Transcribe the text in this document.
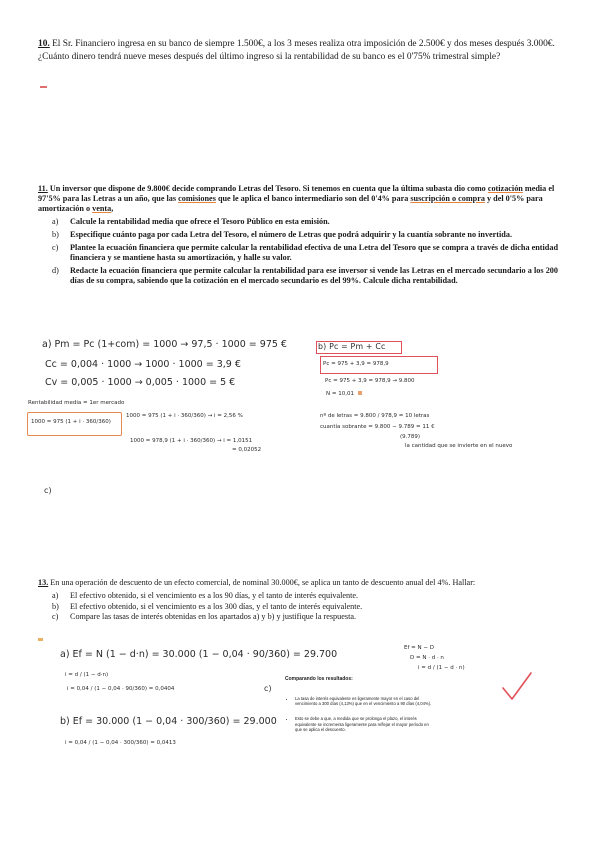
10. El Sr. Financiero ingresa en su banco de siempre 1.500€, a los 3 meses realiza otra imposición de 2.500€ y dos meses después 3.000€. ¿Cuánto dinero tendrá nueve meses después del último ingreso si la rentabilidad de su banco es el 0'75% trimestral simple?
11. Un inversor que dispone de 9.800€ decide comprando Letras del Tesoro. Si tenemos en cuenta que la última subasta dio como cotización media el 97'5% para las Letras a un año, que las comisiones que le aplica el banco intermediario son del 0'4% para suscripción o compra y del 0'5% para amortización o venta,
a)	Calcule la rentabilidad media que ofrece el Tesoro Público en esta emisión.
b)	Especifique cuánto paga por cada Letra del Tesoro, el número de Letras que podrá adquirir y la cuantía sobrante no invertida.
c)	Plantee la ecuación financiera que permite calcular la rentabilidad efectiva de una Letra del Tesoro que se compra a través de dicha entidad financiera y se mantiene hasta su amortización, y halle su valor.
d)	Redacte la ecuación financiera que permite calcular la rentabilidad para ese inversor si vende las Letras en el mercado secundario a los 200 días de su compra, sabiendo que la cotización en el mercado secundario es del 99%. Calcule dicha rentabilidad.
a) Pm = Pc (1+com) = 1000 → 97,5 · 1000 = 975 €
Cc = 0,004 · 1000 → 1000 · 1000 = 3,9 €
Cv = 0,005 · 1000 → 0,005 · 1000 = 5 €
Rentabilidad media = 1er mercado
1000 = 975 (1 + i · 360/360)
1000 = 975 (1 + i · 360/360) → i = 2,56 %
1000 = 978,9 (1 + i · 360/360) → i = 1,0151
= 0,02052
b) Pc = Pm + Cc
Pc = 975 + 3,9 = 978,9
Pc = 975 + 3,9 = 978,9 → 9.800
N = 10,01
nº de letras = 9.800 / 978,9 = 10 letras
cuantía sobrante = 9.800 − 9.789 = 11 €
(9.789)
la cantidad que se invierte en el nuevo
c)
13. En una operación de descuento de un efecto comercial, de nominal 30.000€, se aplica un tanto de descuento anual del 4%. Hallar:
a)	El efectivo obtenido, si el vencimiento es a los 90 días, y el tanto de interés equivalente.
b)	El efectivo obtenido, si el vencimiento es a los 300 días, y el tanto de interés equivalente.
c)	Compare las tasas de interés obtenidas en los apartados a) y b) y justifique la respuesta.
a) Ef = N (1 − d·n) = 30.000 (1 − 0,04 · 90/360) = 29.700
i = d / (1 − d·n)
i = 0,04 / (1 − 0,04 · 90/360) = 0,0404
b) Ef = 30.000 (1 − 0,04 · 300/360) = 29.000
i = 0,04 / (1 − 0,04 · 300/360) = 0,0413
Ef = N − D
D = N · d · n
i = d / (1 − d · n)
c)
Comparando los resultados:
• La tasa de interés equivalente es ligeramente mayor en el caso del vencimiento a 300 días (4,13%) que en el vencimiento a 90 días (4,04%).
• Esto se debe a que, a medida que se prolonga el plazo, el interés equivalente se incrementa ligeramente para reflejar el mayor período en que se aplica el descuento.
